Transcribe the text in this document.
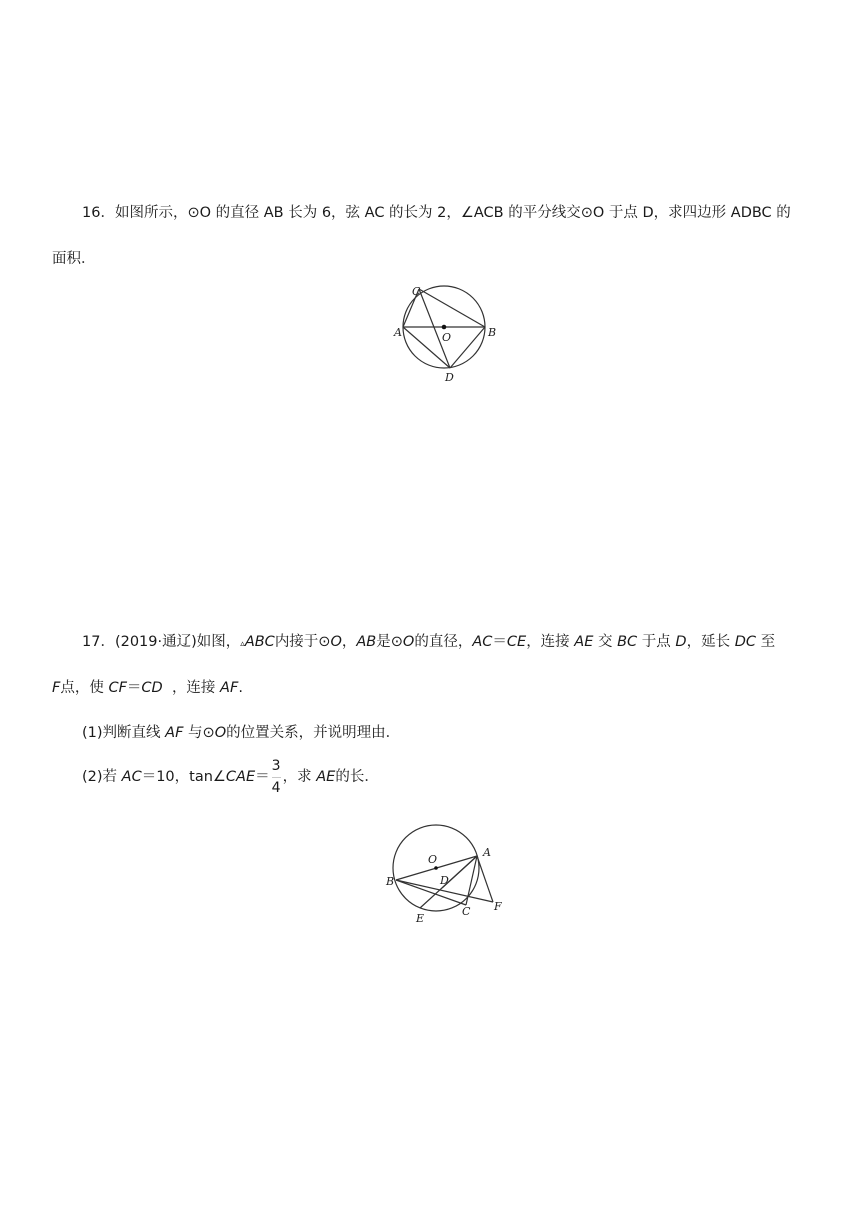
16．如图所示，⊙O 的直径 AB 长为 6，弦 AC 的长为 2，∠ACB 的平分线交⊙O 于点 D，求四边形 ADBC 的
面积．
C
A	O	B
D
17．(2019·通辽)如图，▵ABC内接于⊙O，AB是⊙O的直径，AC＝CE，连接 AE 交 BC 于点 D，延长 DC 至
F点，使 CF＝CD ，连接 AF.
(1)判断直线 AF 与⊙O的位置关系，并说明理由．
(2)若 AC＝10，tan∠CAE＝ $\frac{3}{4}$ ，求 AE的长．
O
A
B	D
C F
E
